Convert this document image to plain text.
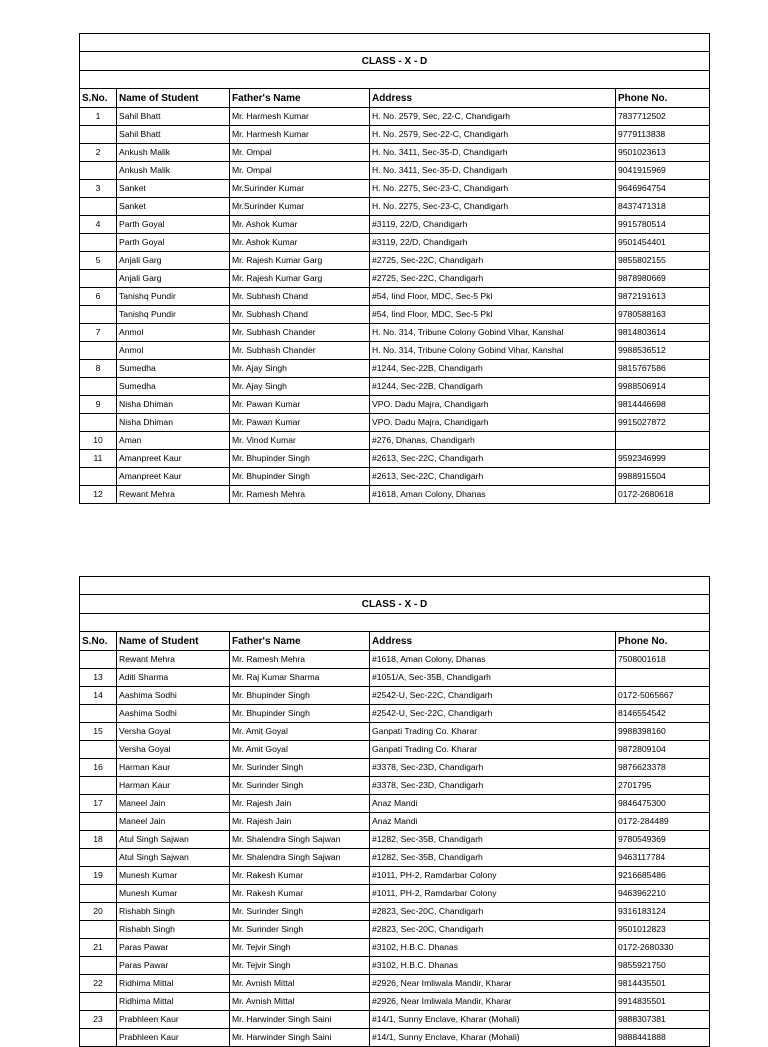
CLASS - X - D				

S.No.	Name of Student	Father's Name	Address	Phone No.
1	Sahil Bhatt	Mr. Harmesh Kumar	H. No. 2579, Sec, 22-C, Chandigarh	7837712502
	Sahil Bhatt	Mr. Harmesh Kumar	H. No. 2579, Sec-22-C, Chandigarh	9779113838
2	Ankush Malik	Mr. Ompal	H. No. 3411, Sec-35-D, Chandigarh	9501023613
	Ankush Malik	Mr. Ompal	H. No. 3411, Sec-35-D, Chandigarh	9041915969
3	Sanket	Mr.Surinder Kumar	H. No. 2275, Sec-23-C, Chandigarh	9646964754
	Sanket	Mr.Surinder Kumar	H. No. 2275, Sec-23-C, Chandigarh	8437471318
4	Parth Goyal	Mr. Ashok Kumar	#3119, 22/D, Chandigarh	9915780514
	Parth Goyal	Mr. Ashok Kumar	#3119, 22/D, Chandigarh	9501454401
5	Anjali Garg	Mr. Rajesh Kumar Garg	#2725, Sec-22C, Chandigarh	9855802155
	Anjali Garg	Mr. Rajesh Kumar Garg	#2725, Sec-22C, Chandigarh	9878980669
6	Tanishq Pundir	Mr. Subhash Chand	#54, Iind Floor, MDC, Sec-5 Pkl	9872191613
	Tanishq Pundir	Mr. Subhash Chand	#54, Iind Floor, MDC, Sec-5 Pkl	9780588163
7	Anmol	Mr. Subhash Chander	H. No. 314, Tribune Colony Gobind Vihar, Kanshal	9814803614
	Anmol	Mr. Subhash Chander	H. No. 314, Tribune Colony Gobind Vihar, Kanshal	9988536512
8	Sumedha	Mr. Ajay Singh	#1244, Sec-22B, Chandigarh	9815767586
	Sumedha	Mr. Ajay Singh	#1244, Sec-22B, Chandigarh	9988506914
9	Nisha Dhiman	Mr. Pawan Kumar	VPO. Dadu Majra, Chandigarh	9814446698
	Nisha Dhiman	Mr. Pawan Kumar	VPO. Dadu Majra, Chandigarh	9915027872
10	Aman	Mr. Vinod Kumar	#276, Dhanas, Chandigarh	
11	Amanpreet Kaur	Mr. Bhupinder Singh	#2613, Sec-22C, Chandigarh	9592346999
	Amanpreet Kaur	Mr. Bhupinder Singh	#2613, Sec-22C, Chandigarh	9988915504
12	Rewant Mehra	Mr. Ramesh Mehra	#1618, Aman Colony, Dhanas	0172-2680618

CLASS - X - D				

S.No.	Name of Student	Father's Name	Address	Phone No.
	Rewant Mehra	Mr. Ramesh Mehra	#1618, Aman Colony, Dhanas	7508001618
13	Aditi Sharma	Mr. Raj Kumar Sharma	#1051/A, Sec-35B, Chandigarh	
14	Aashima Sodhi	Mr. Bhupinder Singh	#2542-U, Sec-22C, Chandigarh	0172-5065667
	Aashima Sodhi	Mr. Bhupinder Singh	#2542-U, Sec-22C, Chandigarh	8146554542
15	Versha Goyal	Mr. Amit Goyal	Ganpati Trading Co. Kharar	9988398160
	Versha Goyal	Mr. Amit Goyal	Ganpati Trading Co. Kharar	9872809104
16	Harman Kaur	Mr. Surinder Singh	#3378, Sec-23D, Chandigarh	9876623378
	Harman Kaur	Mr. Surinder Singh	#3378, Sec-23D, Chandigarh	2701795
17	Maneel Jain	Mr. Rajesh Jain	Anaz Mandi	9846475300
	Maneel Jain	Mr. Rajesh Jain	Anaz Mandi	0172-284489
18	Atul Singh Sajwan	Mr. Shalendra Singh Sajwan	#1282, Sec-35B, Chandigarh	9780549369
	Atul Singh Sajwan	Mr. Shalendra Singh Sajwan	#1282, Sec-35B, Chandigarh	9463117784
19	Munesh Kumar	Mr. Rakesh Kumar	#1011, PH-2, Ramdarbar Colony	9216685486
	Munesh Kumar	Mr. Rakesh Kumar	#1011, PH-2, Ramdarbar Colony	9463962210
20	Rishabh Singh	Mr. Surinder Singh	#2823, Sec-20C, Chandigarh	9316183124
	Rishabh Singh	Mr. Surinder Singh	#2823, Sec-20C, Chandigarh	9501012823
21	Paras Pawar	Mr. Tejvir Singh	#3102, H.B.C. Dhanas	0172-2680330
	Paras Pawar	Mr. Tejvir Singh	#3102, H.B.C. Dhanas	9855921750
22	Ridhima Mittal	Mr. Avnish Mittal	#2926, Near Imliwala Mandir, Kharar	9814435501
	Ridhima Mittal	Mr. Avnish Mittal	#2926, Near Imliwala Mandir, Kharar	9914835501
23	Prabhleen Kaur	Mr. Harwinder Singh Saini	#14/1, Sunny Enclave, Kharar (Mohali)	9888307381
	Prabhleen Kaur	Mr. Harwinder Singh Saini	#14/1, Sunny Enclave, Kharar (Mohali)	9888441888
